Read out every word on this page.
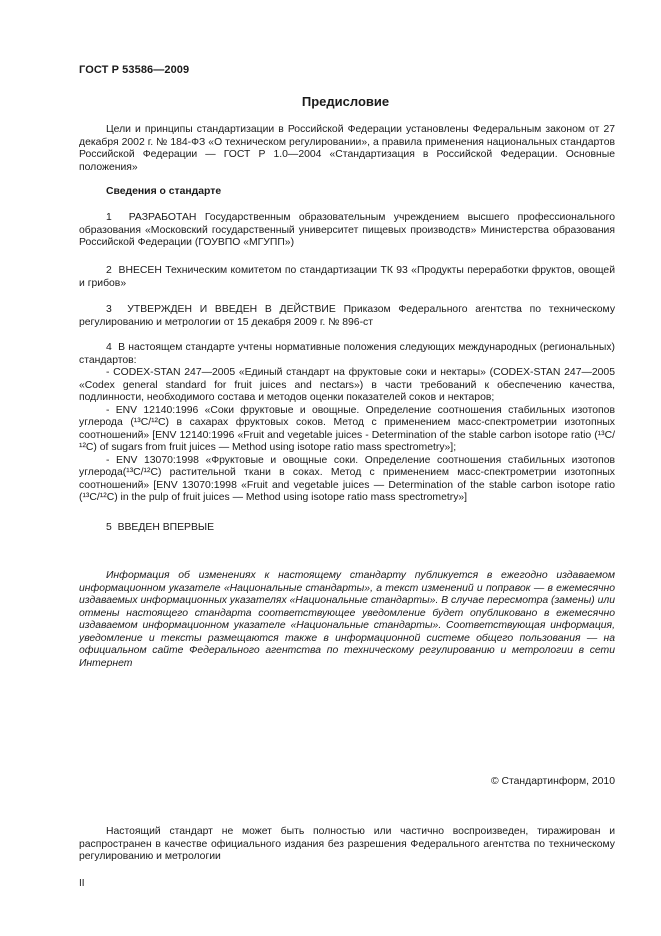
ГОСТ Р 53586—2009
Предисловие

Цели и принципы стандартизации в Российской Федерации установлены Федеральным законом от 27 декабря 2002 г. № 184-ФЗ «О техническом регулировании», а правила применения национальных стандартов Российской Федерации — ГОСТ Р 1.0—2004 «Стандартизация в Российской Федерации. Основные положения»

Сведения о стандарте

1 РАЗРАБОТАН Государственным образовательным учреждением высшего профессионального образования «Московский государственный университет пищевых производств» Министерства образования Российской Федерации (ГОУВПО «МГУПП»)

2 ВНЕСЕН Техническим комитетом по стандартизации ТК 93 «Продукты переработки фруктов, овощей и грибов»

3 УТВЕРЖДЕН И ВВЕДЕН В ДЕЙСТВИЕ Приказом Федерального агентства по техническому регулированию и метрологии от 15 декабря 2009 г. № 896-ст

4 В настоящем стандарте учтены нормативные положения следующих международных (региональных) стандартов:

- CODEX-STAN 247—2005 «Единый стандарт на фруктовые соки и нектары» (CODEX-STAN 247—2005 «Codex general standard for fruit juices and nectars») в части требований к обеспечению качества, подлинности, необходимого состава и методов оценки показателей соков и нектаров;

- ENV 12140:1996 «Соки фруктовые и овощные. Определение соотношения стабильных изотопов углерода (¹³C/¹²C) в сахарах фруктовых соков. Метод с применением масс-спектрометрии изотопных соотношений» [ENV 12140:1996 «Fruit and vegetable juices - Determination of the stable carbon isotope ratio (¹³C/¹²C) of sugars from fruit juices — Method using isotope ratio mass spectrometry»];

- ENV 13070:1998 «Фруктовые и овощные соки. Определение соотношения стабильных изотопов углерода(¹³C/¹²C) растительной ткани в соках. Метод с применением масс-спектрометрии изотопных соотношений» [ENV 13070:1998 «Fruit and vegetable juices — Determination of the stable carbon isotope ratio (¹³C/¹²C) in the pulp of fruit juices — Method using isotope ratio mass spectrometry»]

5 ВВЕДЕН ВПЕРВЫЕ

Информация об изменениях к настоящему стандарту публикуется в ежегодно издаваемом информационном указателе «Национальные стандарты», а текст изменений и поправок — в ежемесячно издаваемых информационных указателях «Национальные стандарты». В случае пересмотра (замены) или отмены настоящего стандарта соответствующее уведомление будет опубликовано в ежемесячно издаваемом информационном указателе «Национальные стандарты». Соответствующая информация, уведомление и тексты размещаются также в информационной системе общего пользования — на официальном сайте Федерального агентства по техническому регулированию и метрологии в сети Интернет

© Стандартинформ, 2010
Настоящий стандарт не может быть полностью или частично воспроизведен, тиражирован и распространен в качестве официального издания без разрешения Федерального агентства по техническому регулированию и метрологии
II
